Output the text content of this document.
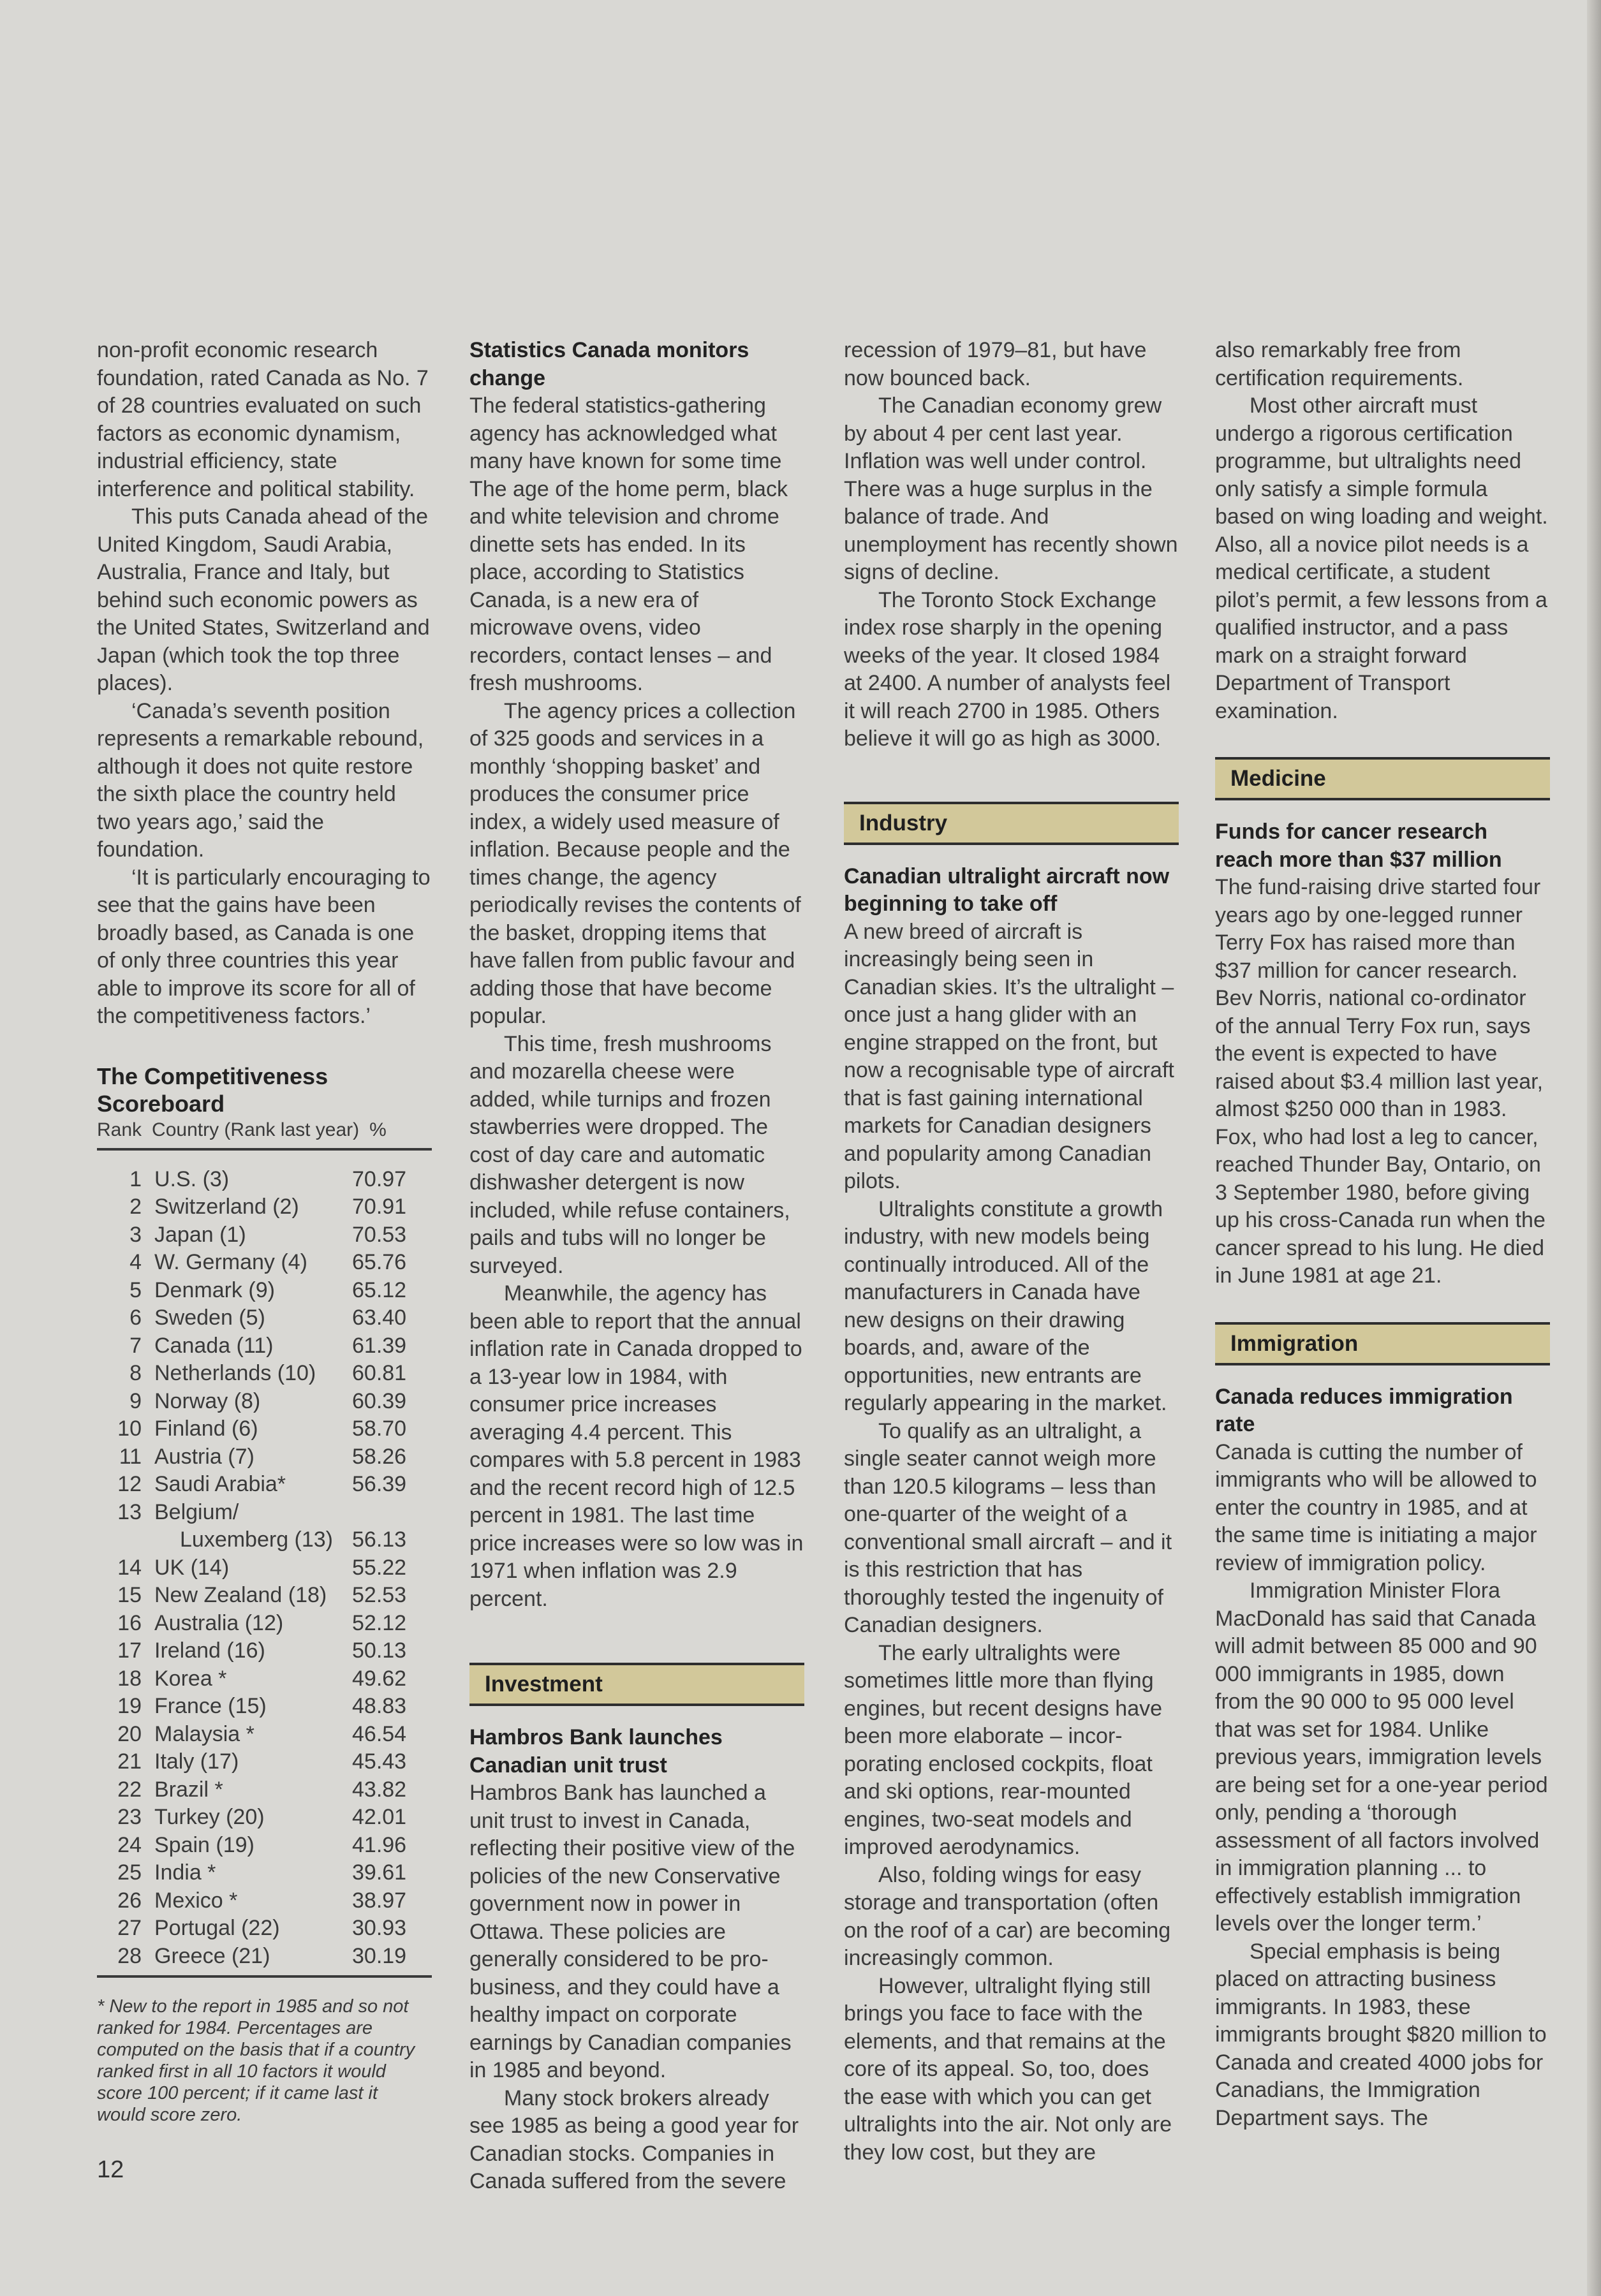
non-profit economic research foundation, rated Canada as No. 7 of 28 countries evaluated on such factors as economic dynamism, industrial efficiency, state interference and political stability.

This puts Canada ahead of the United Kingdom, Saudi Arabia, Australia, France and Italy, but behind such economic powers as the United States, Switzerland and Japan (which took the top three places).

‘Canada’s seventh position represents a remarkable rebound, although it does not quite restore the sixth place the country held two years ago,’ said the foundation.

‘It is particularly encouraging to see that the gains have been broadly based, as Canada is one of only three countries this year able to improve its score for all of the competitiveness factors.’

The Competitiveness Scoreboard
Rank Country (Rank last year) %
1 U.S. (3)	70.97
2 Switzerland (2) 70.91
3 Japan (1)	70.53
4 W. Germany (4) 65.76
5 Denmark (9)	65.12
6 Sweden (5)	63.40
7 Canada (11)	61.39
8 Netherlands (10) 60.81
9 Norway (8)	60.39
10 Finland (6)	58.70
11 Austria (7)	58.26
12 Saudi Arabia*	56.39
13 Belgium/
Luxemberg (13) 56.13
14 UK (14)	55.22
15 New Zealand (18) 52.53
16 Australia (12)	52.12
17 Ireland (16)	50.13
18 Korea *	49.62
19 France (15)	48.83
20 Malaysia *	46.54
21 Italy (17)	45.43
22 Brazil *	43.82
23 Turkey (20)	42.01
24 Spain (19)	41.96
25 India *	39.61
26 Mexico *	38.97
27 Portugal (22)	30.93
28 Greece (21)	30.19
* New to the report in 1985 and so not ranked for 1984. Percentages are computed on the basis that if a country ranked first in all 10 factors it would score 100 percent; if it came last it would score zero.
Statistics Canada monitors change

The federal statistics-gathering agency has acknowledged what many have known for some time The age of the home perm, black and white television and chrome dinette sets has ended. In its place, according to Statistics Canada, is a new era of microwave ovens, video recorders, contact lenses – and fresh mushrooms.

The agency prices a collection of 325 goods and services in a monthly ‘shopping basket’ and produces the consumer price index, a widely used measure of inflation. Because people and the times change, the agency periodically revises the contents of the basket, dropping items that have fallen from public favour and adding those that have become popular.

This time, fresh mushrooms and mozarella cheese were added, while turnips and frozen stawberries were dropped. The cost of day care and automatic dishwasher detergent is now included, while refuse containers, pails and tubs will no longer be surveyed.

Meanwhile, the agency has been able to report that the annual inflation rate in Canada dropped to a 13-year low in 1984, with consumer price increases averaging 4.4 percent. This compares with 5.8 percent in 1983 and the recent record high of 12.5 percent in 1981. The last time price increases were so low was in 1971 when inflation was 2.9 percent.

Investment
Hambros Bank launches Canadian unit trust

Hambros Bank has launched a unit trust to invest in Canada, reflecting their positive view of the policies of the new Conservative government now in power in Ottawa. These policies are generally considered to be pro-business, and they could have a healthy impact on corporate earnings by Canadian companies in 1985 and beyond.

Many stock brokers already see 1985 as being a good year for Canadian stocks. Companies in Canada suffered from the severe

recession of 1979–81, but have now bounced back.

The Canadian economy grew by about 4 per cent last year. Inflation was well under control. There was a huge surplus in the balance of trade. And unemployment has recently shown signs of decline.

The Toronto Stock Exchange index rose sharply in the opening weeks of the year. It closed 1984 at 2400. A number of analysts feel it will reach 2700 in 1985. Others believe it will go as high as 3000.

Industry
Canadian ultralight aircraft now beginning to take off

A new breed of aircraft is increasingly being seen in Canadian skies. It’s the ultralight – once just a hang glider with an engine strapped on the front, but now a recognisable type of aircraft that is fast gaining international markets for Canadian designers and popularity among Canadian pilots.

Ultralights constitute a growth industry, with new models being continually introduced. All of the manufacturers in Canada have new designs on their drawing boards, and, aware of the opportunities, new entrants are regularly appearing in the market.

To qualify as an ultralight, a single seater cannot weigh more than 120.5 kilograms – less than one-quarter of the weight of a conventional small aircraft – and it is this restriction that has thoroughly tested the ingenuity of Canadian designers.

The early ultralights were sometimes little more than flying engines, but recent designs have been more elaborate – incor-porating enclosed cockpits, float and ski options, rear-mounted engines, two-seat models and improved aerodynamics.

Also, folding wings for easy storage and transportation (often on the roof of a car) are becoming increasingly common.

However, ultralight flying still brings you face to face with the elements, and that remains at the core of its appeal. So, too, does the ease with which you can get ultralights into the air. Not only are they low cost, but they are

also remarkably free from certification requirements.

Most other aircraft must undergo a rigorous certification programme, but ultralights need only satisfy a simple formula based on wing loading and weight. Also, all a novice pilot needs is a medical certificate, a student pilot’s permit, a few lessons from a qualified instructor, and a pass mark on a straight forward Department of Transport examination.

Medicine
Funds for cancer research reach more than $37 million

The fund-raising drive started four years ago by one-legged runner Terry Fox has raised more than $37 million for cancer research. Bev Norris, national co-ordinator of the annual Terry Fox run, says the event is expected to have raised about $3.4 million last year, almost $250 000 than in 1983. Fox, who had lost a leg to cancer, reached Thunder Bay, Ontario, on 3 September 1980, before giving up his cross-Canada run when the cancer spread to his lung. He died in June 1981 at age 21.

Immigration
Canada reduces immigration rate

Canada is cutting the number of immigrants who will be allowed to enter the country in 1985, and at the same time is initiating a major review of immigration policy.

Immigration Minister Flora MacDonald has said that Canada will admit between 85 000 and 90 000 immigrants in 1985, down from the 90 000 to 95 000 level that was set for 1984. Unlike previous years, immigration levels are being set for a one-year period only, pending a ‘thorough assessment of all factors involved in immigration planning ... to effectively establish immigration levels over the longer term.’

Special emphasis is being placed on attracting business immigrants. In 1983, these immigrants brought $820 million to Canada and created 4000 jobs for Canadians, the Immigration Department says. The

12
